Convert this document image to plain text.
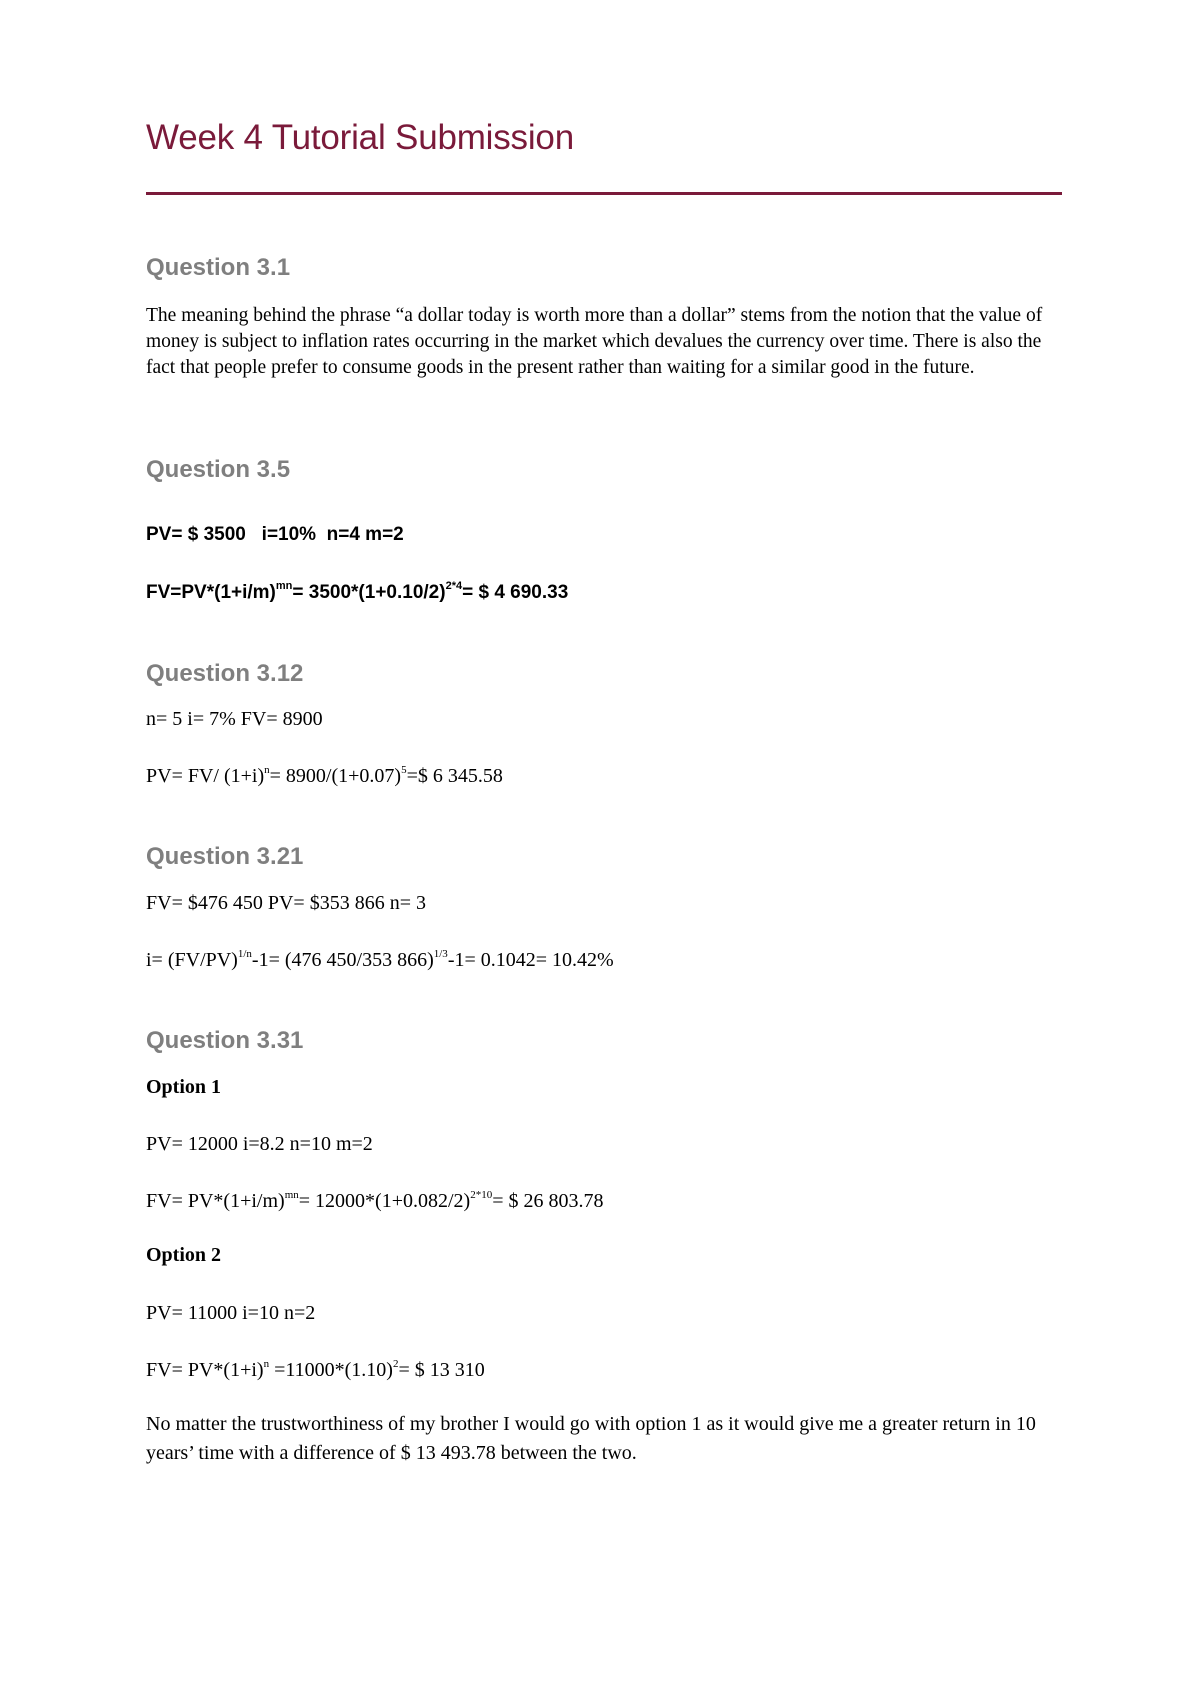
Week 4 Tutorial Submission
Question 3.1

The meaning behind the phrase “a dollar today is worth more than a dollar” stems from the notion that the value of money is subject to inflation rates occurring in the market which devalues the currency over time. There is also the fact that people prefer to consume goods in the present rather than waiting for a similar good in the future.

Question 3.5

PV= $ 3500   i=10%  n=4 m=2

$FV=PV*(1+i/m)^{mn}= 3500*(1+0.10/2)^{2*4}=$ $ 4 690.33

Question 3.12

n= 5 i= 7% FV= 8900

PV= FV/ $(1+i)^n=$ $8900/(1+0.07)^5=\$$ 6 345.58

Question 3.21

FV= $476 450 PV= $353 866 n= 3

$i= (FV/PV)^{1/n}-1= (476$ 450/353 866)$^{1/3}$-1= 0.1042= 10.42%

Question 3.31

Option 1

PV= 12000 i=8.2 n=10 m=2

$FV= PV*(1+i/m)^{mn}= 12000*(1+0.082/2)^{2*10}=$ $ 26 803.78

Option 2

PV= 11000 i=10 n=2

$FV= PV*(1+i)^n =11000*(1.10)^2=$ $ 13 310

No matter the trustworthiness of my brother I would go with option 1 as it would give me a greater return in 10 years’ time with a difference of $ 13 493.78 between the two.
